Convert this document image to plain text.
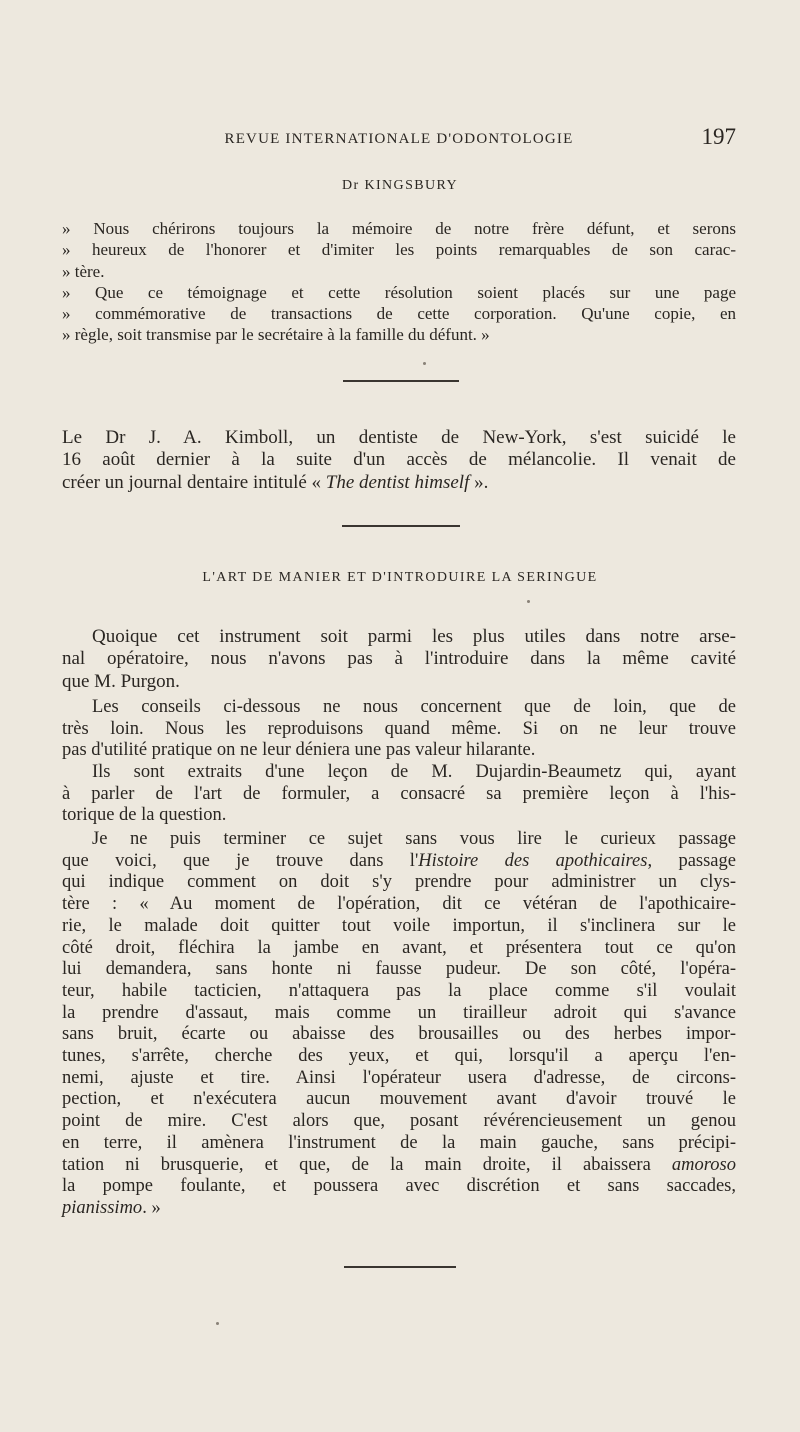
REVUE INTERNATIONALE D'ODONTOLOGIE	197
Dr KINGSBURY
» Nous chérirons toujours la mémoire de notre frère défunt, et serons
» heureux de l'honorer et d'imiter les points remarquables de son carac-
» tère.
» Que ce témoignage et cette résolution soient placés sur une page
» commémorative de transactions de cette corporation. Qu'une copie, en
» règle, soit transmise par le secrétaire à la famille du défunt. »
Le Dr J. A. Kimboll, un dentiste de New-York, s'est suicidé le
16 août dernier à la suite d'un accès de mélancolie. Il venait de
créer un journal dentaire intitulé « The dentist himself ».
L'ART DE MANIER ET D'INTRODUIRE LA SERINGUE
Quoique cet instrument soit parmi les plus utiles dans notre arse-
nal opératoire, nous n'avons pas à l'introduire dans la même cavité
que M. Purgon.
Les conseils ci-dessous ne nous concernent que de loin, que de
très loin. Nous les reproduisons quand même. Si on ne leur trouve
pas d'utilité pratique on ne leur déniera une pas valeur hilarante.
Ils sont extraits d'une leçon de M. Dujardin-Beaumetz qui, ayant
à parler de l'art de formuler, a consacré sa première leçon à l'his-
torique de la question.
Je ne puis terminer ce sujet sans vous lire le curieux passage
que voici, que je trouve dans l'Histoire des apothicaires, passage
qui indique comment on doit s'y prendre pour administrer un clys-
tère : « Au moment de l'opération, dit ce vétéran de l'apothicaire-
rie, le malade doit quitter tout voile importun, il s'inclinera sur le
côté droit, fléchira la jambe en avant, et présentera tout ce qu'on
lui demandera, sans honte ni fausse pudeur. De son côté, l'opéra-
teur, habile tacticien, n'attaquera pas la place comme s'il voulait
la prendre d'assaut, mais comme un tirailleur adroit qui s'avance
sans bruit, écarte ou abaisse des brousailles ou des herbes impor-
tunes, s'arrête, cherche des yeux, et qui, lorsqu'il a aperçu l'en-
nemi, ajuste et tire. Ainsi l'opérateur usera d'adresse, de circons-
pection, et n'exécutera aucun mouvement avant d'avoir trouvé le
point de mire. C'est alors que, posant révérencieusement un genou
en terre, il amènera l'instrument de la main gauche, sans précipi-
tation ni brusquerie, et que, de la main droite, il abaissera amoroso
la pompe foulante, et poussera avec discrétion et sans saccades,
pianissimo. »
